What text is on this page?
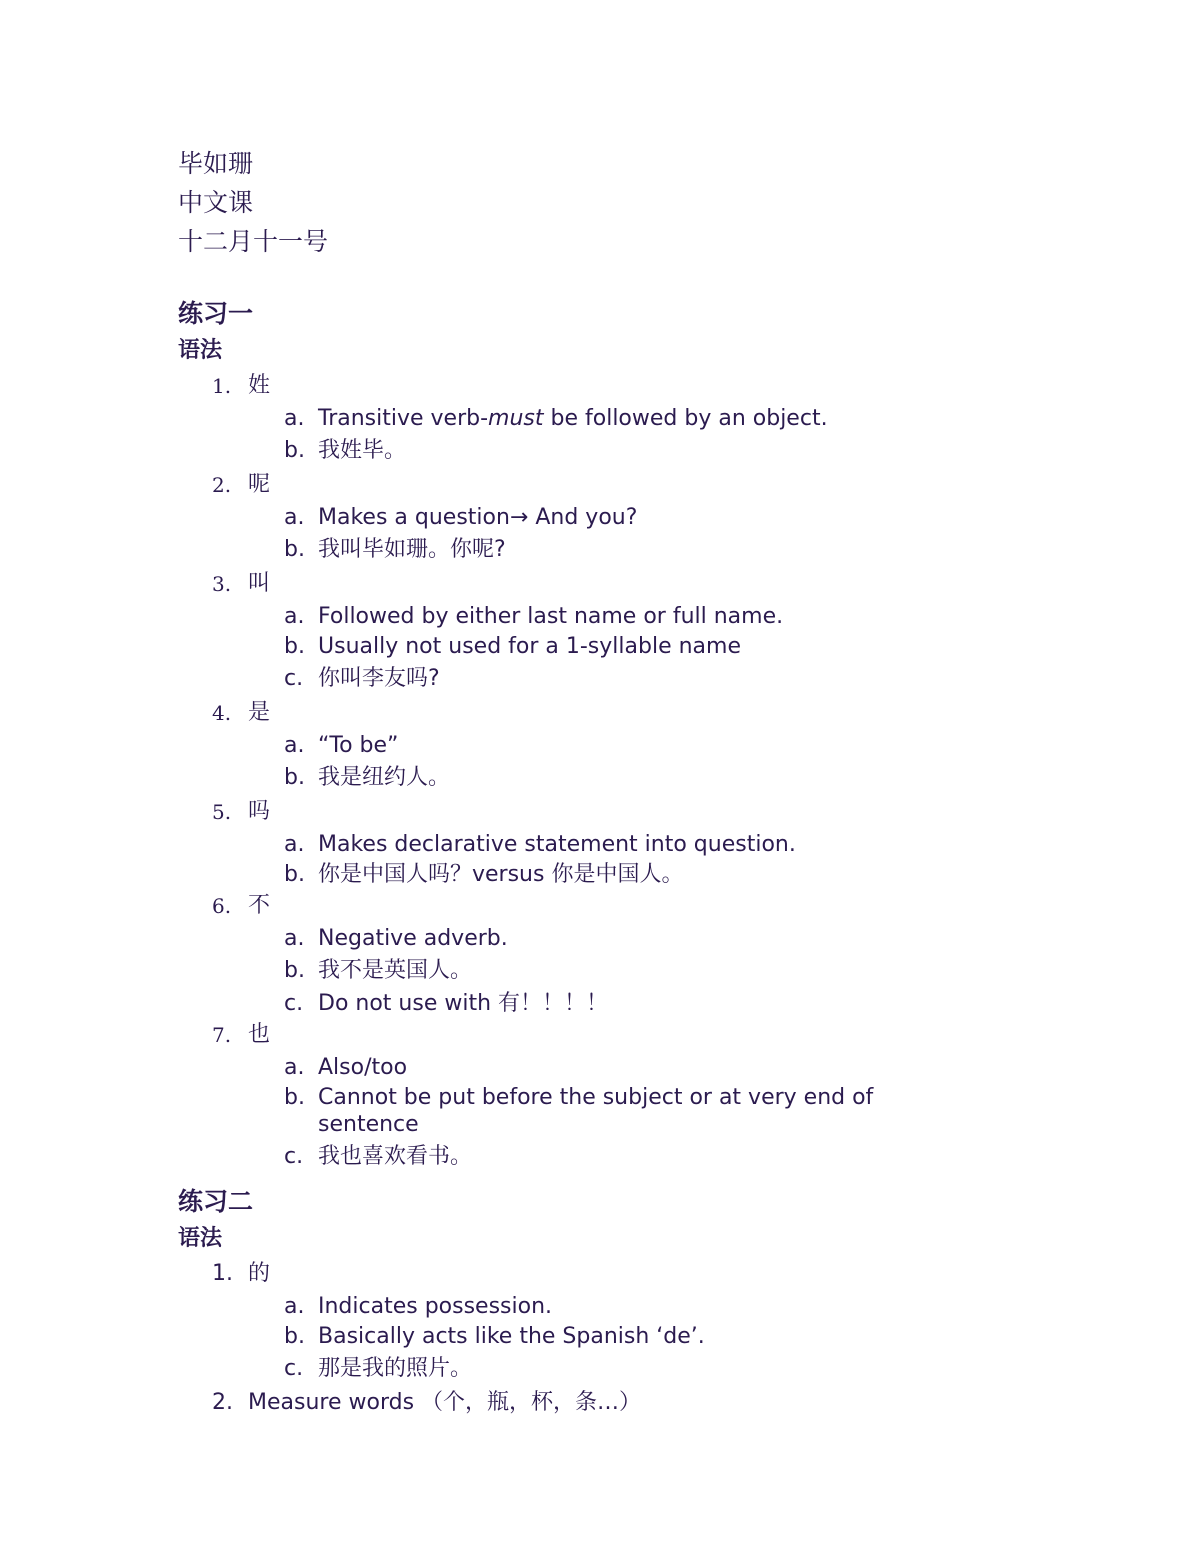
毕如珊
中文课
十二月十一号
练习一
语法
1. 姓
a. Transitive verb-must be followed by an object.
b. 我姓毕。
2. 呢
a. Makes a question→ And you?
b. 我叫毕如珊。你呢?
3. 叫
a. Followed by either last name or full name.
b. Usually not used for a 1-syllable name
c. 你叫李友吗?
4. 是
a. “To be”
b. 我是纽约人。
5. 吗
a. Makes declarative statement into question.
b. 你是中国人吗？versus 你是中国人。
6. 不
a. Negative adverb.
b. 我不是英国人。
c. Do not use with 有！！！！
7. 也
a. Also/too
b. Cannot be put before the subject or at very end of sentence
c. 我也喜欢看书。
练习二
语法
1. 的
a. Indicates possession.
b. Basically acts like the Spanish ‘de’.
c. 那是我的照片。
2. Measure words （个，瓶，杯，条…）
